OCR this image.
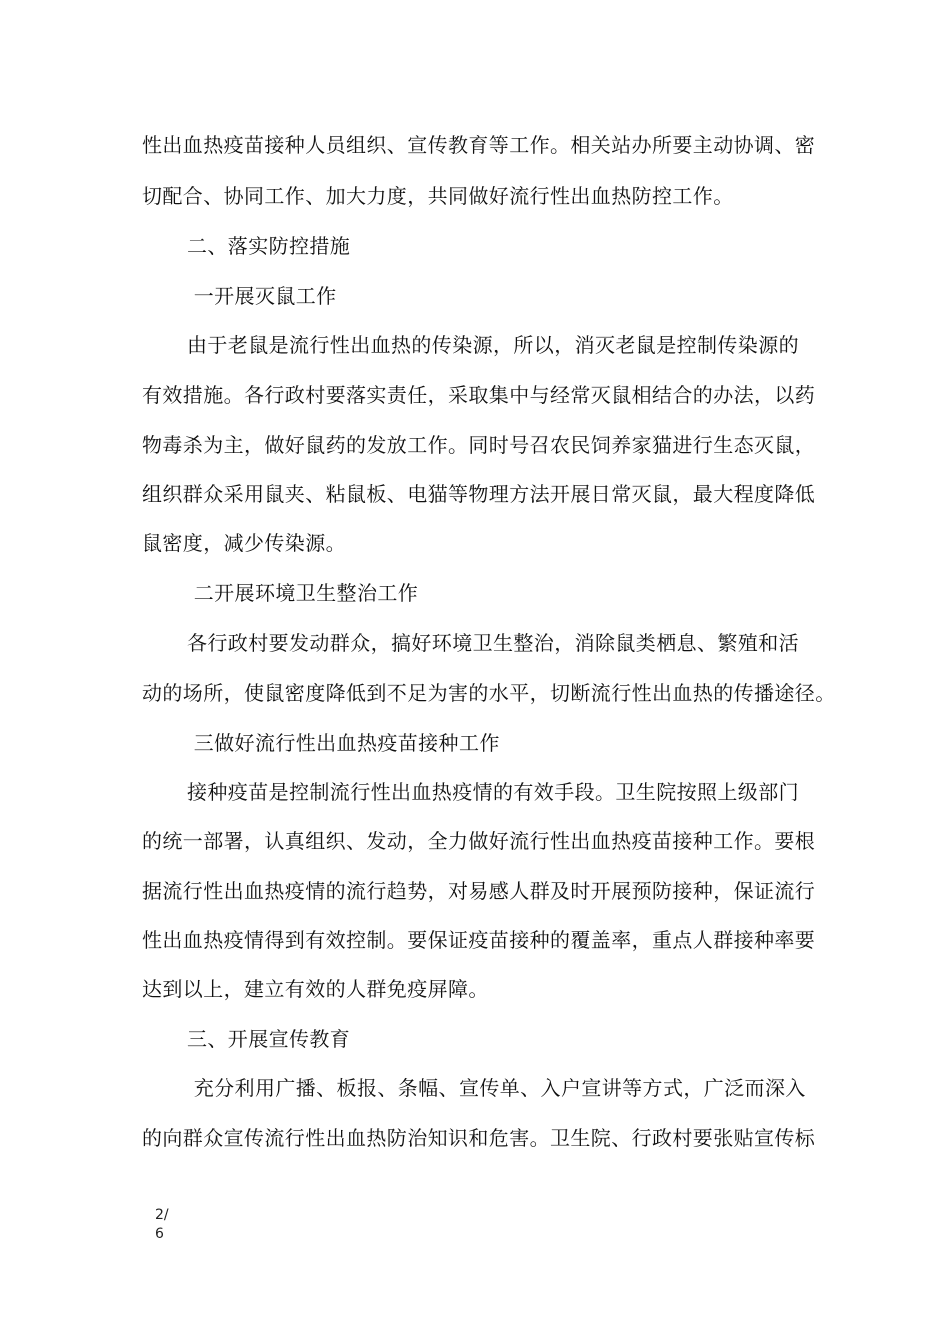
性出血热疫苗接种人员组织、宣传教育等工作。相关站办所要主动协调、密
切配合、协同工作、加大力度，共同做好流行性出血热防控工作。
二、落实防控措施
一开展灭鼠工作
由于老鼠是流行性出血热的传染源，所以，消灭老鼠是控制传染源的
有效措施。各行政村要落实责任，采取集中与经常灭鼠相结合的办法，以药
物毒杀为主，做好鼠药的发放工作。同时号召农民饲养家猫进行生态灭鼠，
组织群众采用鼠夹、粘鼠板、电猫等物理方法开展日常灭鼠，最大程度降低
鼠密度，减少传染源。
二开展环境卫生整治工作
各行政村要发动群众，搞好环境卫生整治，消除鼠类栖息、繁殖和活
动的场所，使鼠密度降低到不足为害的水平，切断流行性出血热的传播途径。
三做好流行性出血热疫苗接种工作
接种疫苗是控制流行性出血热疫情的有效手段。卫生院按照上级部门
的统一部署，认真组织、发动，全力做好流行性出血热疫苗接种工作。要根
据流行性出血热疫情的流行趋势，对易感人群及时开展预防接种，保证流行
性出血热疫情得到有效控制。要保证疫苗接种的覆盖率，重点人群接种率要
达到以上，建立有效的人群免疫屏障。
三、开展宣传教育
充分利用广播、板报、条幅、宣传单、入户宣讲等方式，广泛而深入
的向群众宣传流行性出血热防治知识和危害。卫生院、行政村要张贴宣传标
2/6
